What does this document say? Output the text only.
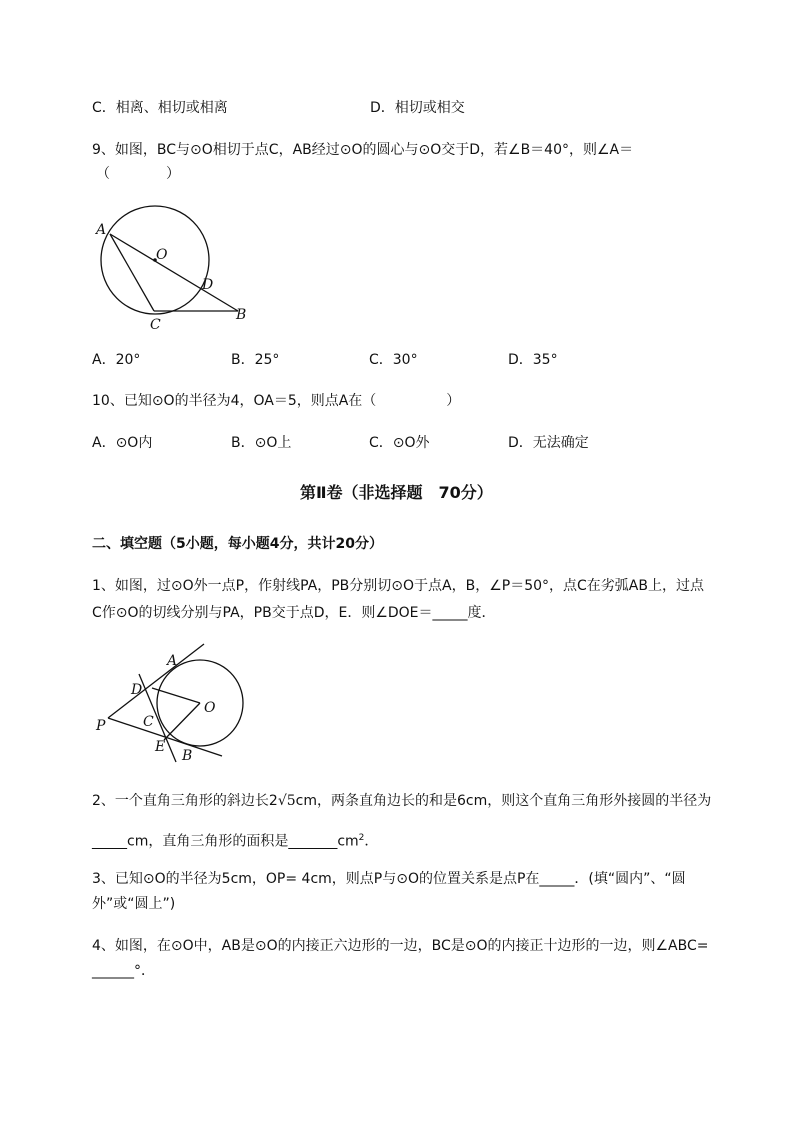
C．相离、相切或相离	D．相切或相交
9、如图，BC与⊙O相切于点C，AB经过⊙O的圆心与⊙O交于D，若∠B＝40°，则∠A＝
（　　　　）
A
O
D
C
B
A．20°	B．25°	C．30°	D．35°
10、已知⊙O的半径为4，OA＝5，则点A在（　　　　　）
A．⊙O内	B．⊙O上	C．⊙O外	D．无法确定
第Ⅱ卷（非选择题　70分）
二、填空题（5小题，每小题4分，共计20分）
1、如图，过⊙O外一点P，作射线PA，PB分别切⊙O于点A，B，∠P＝50°，点C在劣弧AB上，过点
C作⊙O的切线分别与PA，PB交于点D，E．则∠DOE＝_____度．
A
D
O
P	C
E
B
2、一个直角三角形的斜边长2√5cm，两条直角边长的和是6cm，则这个直角三角形外接圆的半径为
_____cm，直角三角形的面积是$\_\_\_\_\_\_\_cm^2$．
3、已知⊙O的半径为5cm，OP= 4cm，则点P与⊙O的位置关系是点P在_____．(填“圆内”、“圆
外”或“圆上”)
4、如图，在⊙O中，AB是⊙O的内接正六边形的一边，BC是⊙O的内接正十边形的一边，则∠ABC=
______°．
